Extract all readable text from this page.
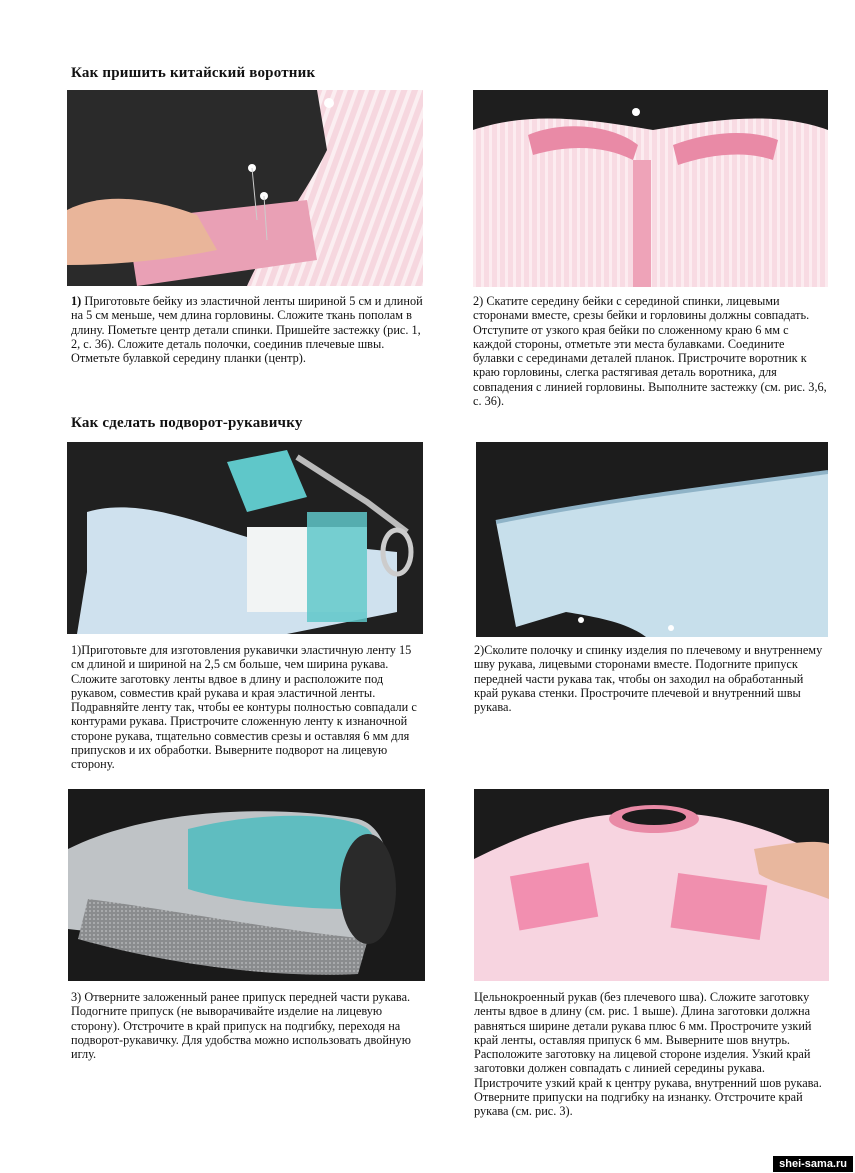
Как пришить китайский воротник
Как сделать подворот-рукавичку

1) Приготовьте бейку из эластичной ленты шириной 5 см и длиной на 5 см меньше, чем длина горловины. Сложите ткань пополам в длину. Пометьте центр детали спинки. Пришейте застежку (рис. 1, 2, с. 36). Сложите деталь полочки, соединив плечевые швы. Отметьте булавкой середину планки (центр).

2) Скатите середину бейки с серединой спинки, лицевыми сторонами вместе, срезы бейки и горловины должны совпадать. Отступите от узкого края бейки по сложенному краю 6 мм с каждой стороны, отметьте эти места булавками. Соедините булавки с серединами деталей планок. Пристрочите воротник к краю горловины, слегка растягивая деталь воротника, для совпадения с линией горловины. Выполните застежку (см. рис. 3,6, с. 36).

1)Приготовьте для изготовления рукавички эластичную ленту 15 см длиной и шириной на 2,5 см больше, чем ширина рукава. Сложите заготовку ленты вдвое в длину и расположите под рукавом, совместив край рукава и края эластичной ленты. Подравняйте ленту так, чтобы ее контуры полностью совпадали с контурами рукава. Пристрочите сложенную ленту к изнаночной стороне рукава, тщательно совместив срезы и оставляя 6 мм для припусков и их обработки. Выверните подворот на лицевую сторону.

2)Сколите полочку и спинку изделия по плечевому и внутреннему шву рукава, лицевыми сторонами вместе. Подогните припуск передней части рукава так, чтобы он заходил на обработанный край рукава стенки. Прострочите плечевой и внутренний швы рукава.

3) Отверните заложенный ранее припуск передней части рукава. Подогните припуск (не выворачивайте изделие на лицевую сторону). Отстрочите в край припуск на подгибку, переходя на подворот-рукавичку. Для удобства можно использовать двойную иглу.

Цельнокроенный рукав (без плечевого шва). Сложите заготовку ленты вдвое в длину (см. рис. 1 выше). Длина заготовки должна равняться ширине детали рукава плюс 6 мм. Прострочите узкий край ленты, оставляя припуск 6 мм. Выверните шов внутрь. Расположите заготовку на лицевой стороне изделия. Узкий край заготовки должен совпадать с линией середины рукава. Пристрочите узкий край к центру рукава, внутренний шов рукава. Отверните припуски на подгибку на изнанку. Отстрочите край рукава (см. рис. 3).

shei-sama.ru
